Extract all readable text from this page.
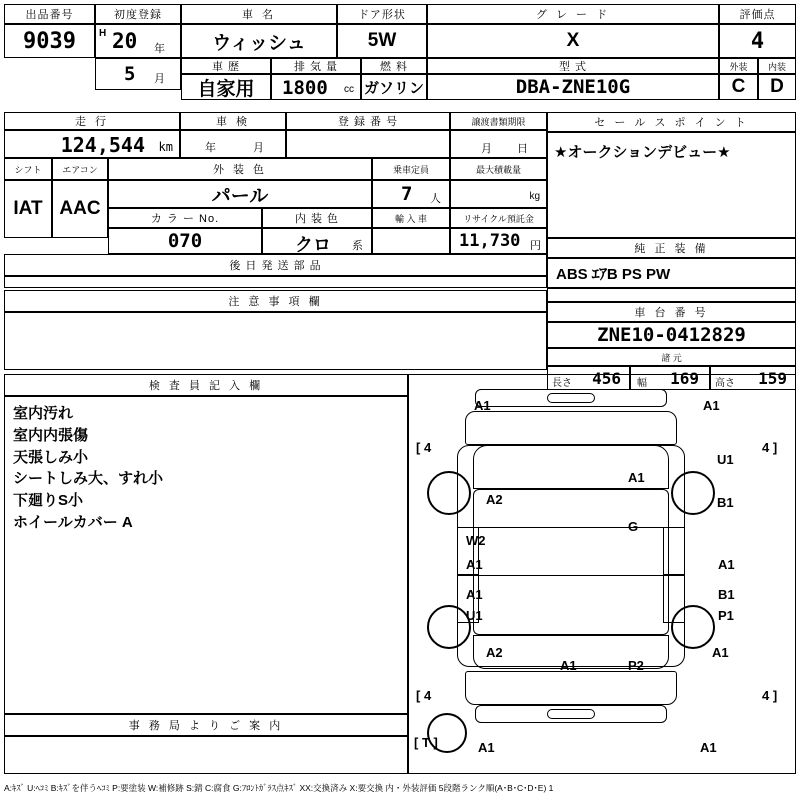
出品番号
9039
初度登録
H 20 年
5 月
車 名
ウィッシュ
ドア形状
5W
グ レ ー ド
X
評価点
4
車 歴
自家用
排 気 量
1800 cc
燃 料
ガソリン
型 式
DBA-ZNE10G
外装 内装
C D
走 行
124,544 km
車 検
年	月
登 録 番 号	譲渡書類期限
月 日
シフト エアコン
IAT AAC
外 装 色
パール
乗車定員
7 人
最大積載量
kg
カ ラ ー No.
070
内 装 色
クロ 系
輸 入 車	リサイクル預託金
11,730 円
後 日 発 送 部 品
注 意 事 項 欄
セ ー ル ス ポ イ ン ト
★オークションデビュー★
純 正 装 備
ABS ｴｱB PS PW
車 台 番 号
ZNE10-0412829
諸 元
長さ 456 幅 169 高さ 159
検 査 員 記 入 欄
室内汚れ
室内内張傷
天張しみ小
シートしみ大、すれ小
下廻りS小
ホイールカバー A
事 務 局 よ り ご 案 内
A1	A1
[ 4	4 ]
A1
U1
A2	B1
G
W2
A1	A1
A1	B1
U1	P1
A2	A1
A1	P2
[ 4	4 ]
[ T ]	A1	A1
A:ｷｽﾞ U:ﾍｺﾐ B:ｷｽﾞを伴うﾍｺﾐ P:要塗装 W:補修跡 S:錆 C:腐食 G:ﾌﾛﾝﾄｶﾞﾗｽ点ｷｽﾞ XX:交換済み X:要交換 内・外装評価 5段階ランク順(A･B･C･D･E) 1
